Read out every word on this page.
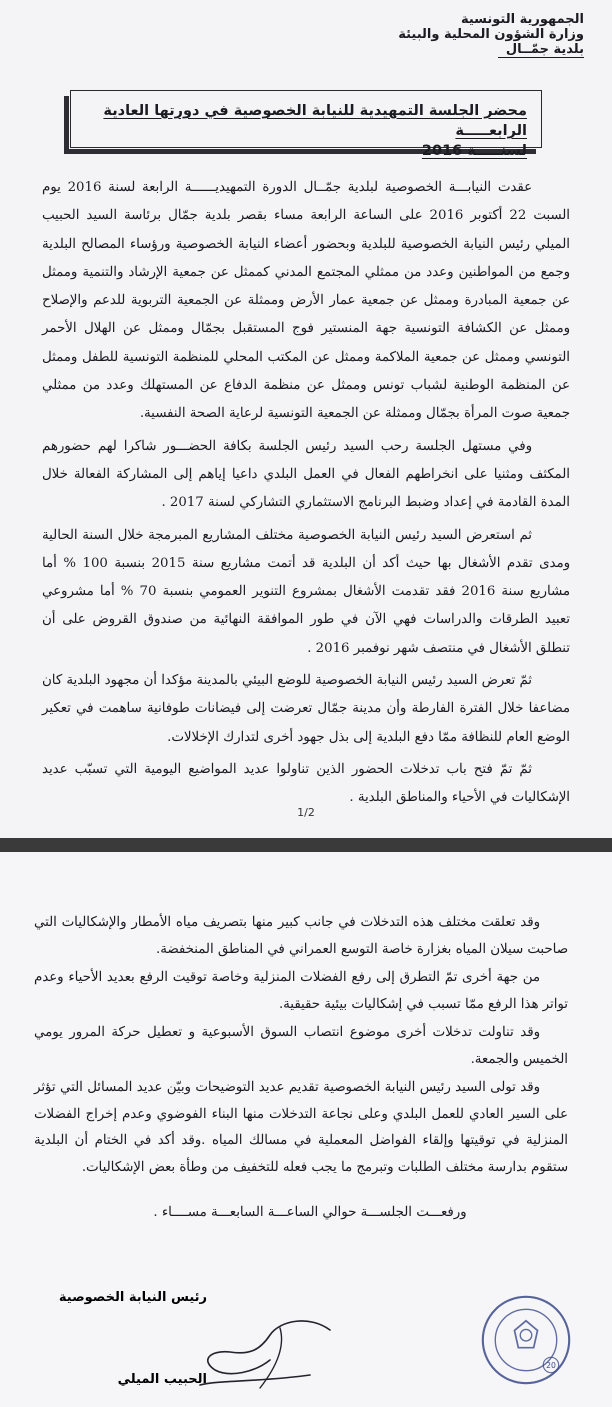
الجمهورية التونسية
وزارة الشؤون المحلية والبيئة
بلدية جمّــال
محضر الجلسة التمهيدية للنيابة الخصوصية في دورتها العادية الرابعـــــة
لسنـــــة 2016

عقدت النيابـــة الخصوصية لبلدية جمّــال الدورة التمهيديــــــة الرابعة لسنة 2016 يوم السبت 22 أكتوبر 2016 على الساعة الرابعة مساء بقصر بلدية جمّال برئاسة السيد الحبيب الميلي رئيس النيابة الخصوصية للبلدية وبحضور أعضاء النيابة الخصوصية ورؤساء المصالح البلدية وجمع من المواطنين وعدد من ممثلي المجتمع المدني كممثل عن جمعية الإرشاد والتنمية وممثل عن جمعية المبادرة وممثل عن جمعية عمار الأرض وممثلة عن الجمعية التربوية للدعم والإصلاح وممثل عن الكشافة التونسية جهة المنستير فوج المستقبل بجمّال وممثل عن الهلال الأحمر التونسي وممثل عن جمعية الملاكمة وممثل عن المكتب المحلي للمنظمة التونسية للطفل وممثل عن المنظمة الوطنية لشباب تونس وممثل عن منظمة الدفاع عن المستهلك وعدد من ممثلي جمعية صوت المرأة بجمّال وممثلة عن الجمعية التونسية لرعاية الصحة النفسية.

وفي مستهل الجلسة رحب السيد رئيس الجلسة بكافة الحضـــور شاكرا لهم حضورهم المكثف ومثنيا على انخراطهم الفعال في العمل البلدي داعيا إياهم إلى المشاركة الفعالة خلال المدة القادمة في إعداد وضبط البرنامج الاستثماري التشاركي لسنة 2017 .

ثم استعرض السيد رئيس النيابة الخصوصية مختلف المشاريع المبرمجة خلال السنة الحالية ومدى تقدم الأشغال بها حيث أكد أن البلدية قد أتمت مشاريع سنة 2015 بنسبة 100 % أما مشاريع سنة 2016 فقد تقدمت الأشغال بمشروع التنوير العمومي بنسبة 70 % أما مشروعي تعبيد الطرقات والدراسات فهي الآن في طور الموافقة النهائية من صندوق القروض على أن تنطلق الأشغال في منتصف شهر نوفمبر 2016 .

ثمّ تعرض السيد رئيس النيابة الخصوصية للوضع البيئي بالمدينة مؤكدا أن مجهود البلدية كان مضاعفا خلال الفترة الفارطة وأن مدينة جمّال تعرضت إلى فيضانات طوفانية ساهمت في تعكير الوضع العام للنظافة ممّا دفع البلدية إلى بذل جهود أخرى لتدارك الإخلالات.

ثمّ تمّ فتح باب تدخلات الحضور الذين تناولوا عديد المواضيع اليومية التي تسبّب عديد الإشكاليات في الأحياء والمناطق البلدية .

1/2

وقد تعلقت مختلف هذه التدخلات في جانب كبير منها بتصريف مياه الأمطار والإشكاليات التي صاحبت سيلان المياه بغزارة خاصة التوسع العمراني في المناطق المنخفضة.

من جهة أخرى تمّ التطرق إلى رفع الفضلات المنزلية وخاصة توقيت الرفع بعديد الأحياء وعدم تواتر هذا الرفع ممّا تسبب في إشكاليات بيئية حقيقية.

وقد تناولت تدخلات أخرى موضوع انتصاب السوق الأسبوعية و تعطيل حركة المرور يومي الخميس والجمعة.

وقد تولى السيد رئيس النيابة الخصوصية تقديم عديد التوضيحات وبيّن عديد المسائل التي تؤثر على السير العادي للعمل البلدي وعلى نجاعة التدخلات منها البناء الفوضوي وعدم إخراج الفضلات المنزلية في توقيتها وإلقاء الفواضل المعملية في مسالك المياه .وقد أكد في الختام أن البلدية ستقوم بدارسة مختلف الطلبات وتبرمج ما يجب فعله للتخفيف من وطأة بعض الإشكاليات.

ورفعـــت الجلســـة حوالي الساعـــة السابعـــة مســــاء .
رئيس النيابة الخصوصية
20
الحبيب الميلي
